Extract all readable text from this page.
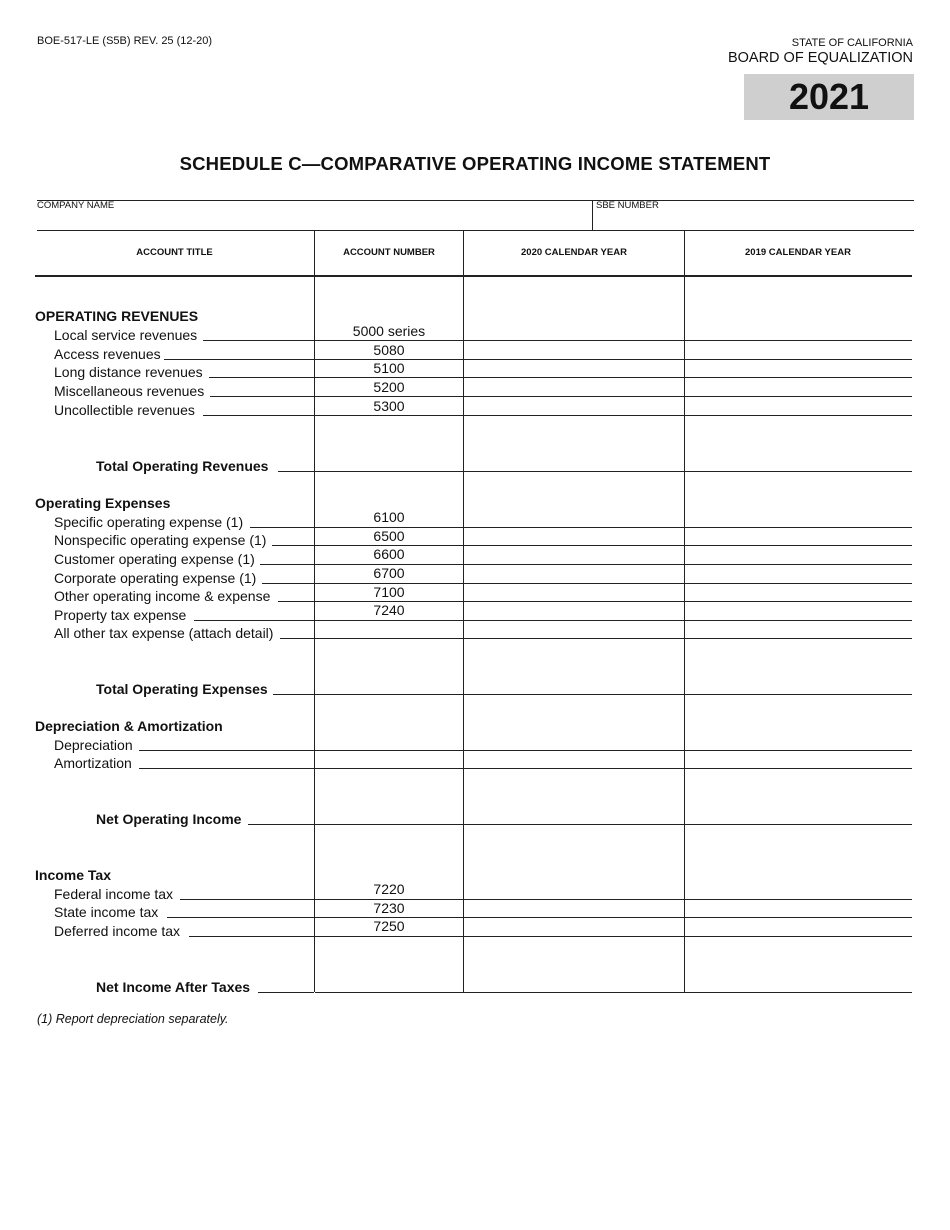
BOE-517-LE (S5B) REV. 25 (12-20)	STATE OF CALIFORNIA
BOARD OF EQUALIZATION
2021
SCHEDULE C—COMPARATIVE OPERATING INCOME STATEMENT
COMPANY NAME	SBE NUMBER
ACCOUNT TITLE	ACCOUNT NUMBER	2020 CALENDAR YEAR	2019 CALENDAR YEAR
OPERATING REVENUES
Local service revenues	5000 series
Access revenues	5080
Long distance revenues	5100
Miscellaneous revenues	5200
Uncollectible revenues	5300
Total Operating Revenues
Operating Expenses
Specific operating expense (1)	6100
Nonspecific operating expense (1)	6500
Customer operating expense (1)	6600
Corporate operating expense (1)	6700
Other operating income & expense	7100
Property tax expense	7240
All other tax expense (attach detail)
Total Operating Expenses
Depreciation & Amortization
Depreciation
Amortization
Net Operating Income
Income Tax
Federal income tax	7220
State income tax	7230
Deferred income tax	7250
Net Income After Taxes
(1) Report depreciation separately.
